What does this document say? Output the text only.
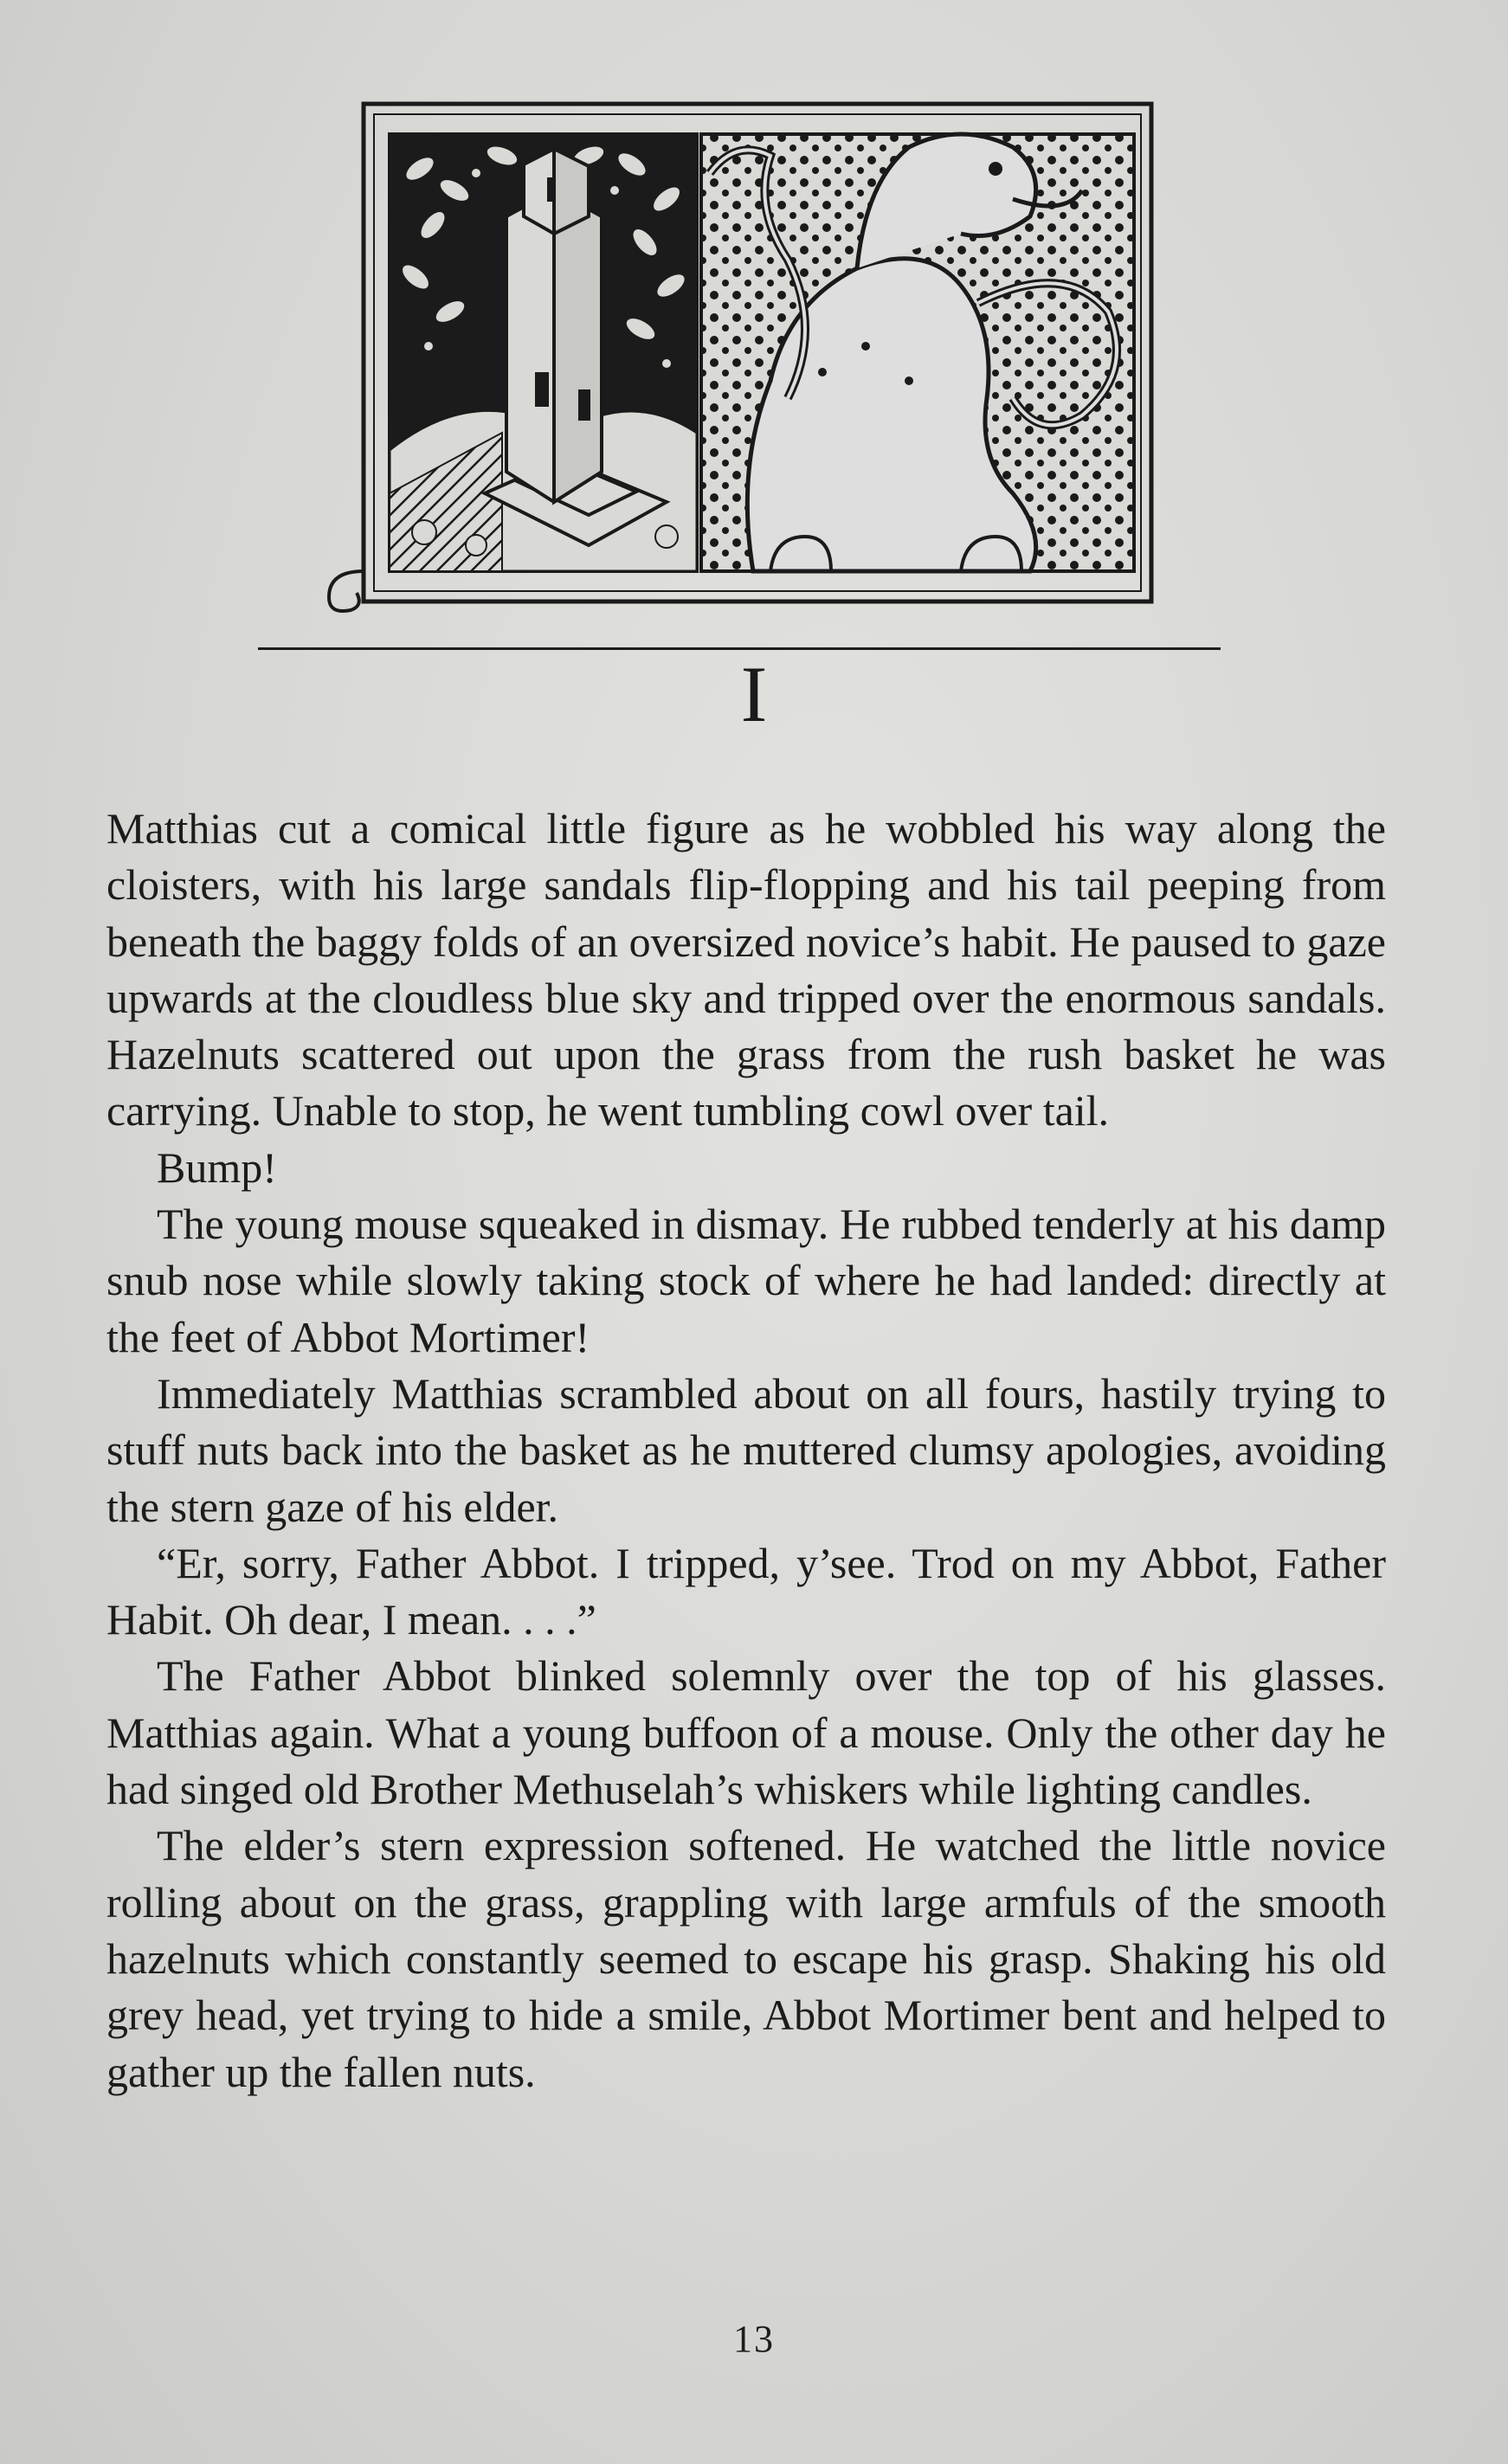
I

Matthias cut a comical little figure as he wobbled his way along the cloisters, with his large sandals flip-flopping and his tail peeping from beneath the baggy folds of an oversized novice’s habit. He paused to gaze upwards at the cloudless blue sky and tripped over the enormous sandals. Hazelnuts scattered out upon the grass from the rush basket he was carrying. Unable to stop, he went tumbling cowl over tail.

Bump!

The young mouse squeaked in dismay. He rubbed tenderly at his damp snub nose while slowly taking stock of where he had landed: directly at the feet of Abbot Mortimer!

Immediately Matthias scrambled about on all fours, hastily trying to stuff nuts back into the basket as he muttered clumsy apologies, avoiding the stern gaze of his elder.

“Er, sorry, Father Abbot. I tripped, y’see. Trod on my Abbot, Father Habit. Oh dear, I mean. . . .”

The Father Abbot blinked solemnly over the top of his glasses. Matthias again. What a young buffoon of a mouse. Only the other day he had singed old Brother Methuselah’s whiskers while lighting candles.

The elder’s stern expression softened. He watched the little novice rolling about on the grass, grappling with large armfuls of the smooth hazelnuts which constantly seemed to escape his grasp. Shaking his old grey head, yet trying to hide a smile, Abbot Mortimer bent and helped to gather up the fallen nuts.

13
